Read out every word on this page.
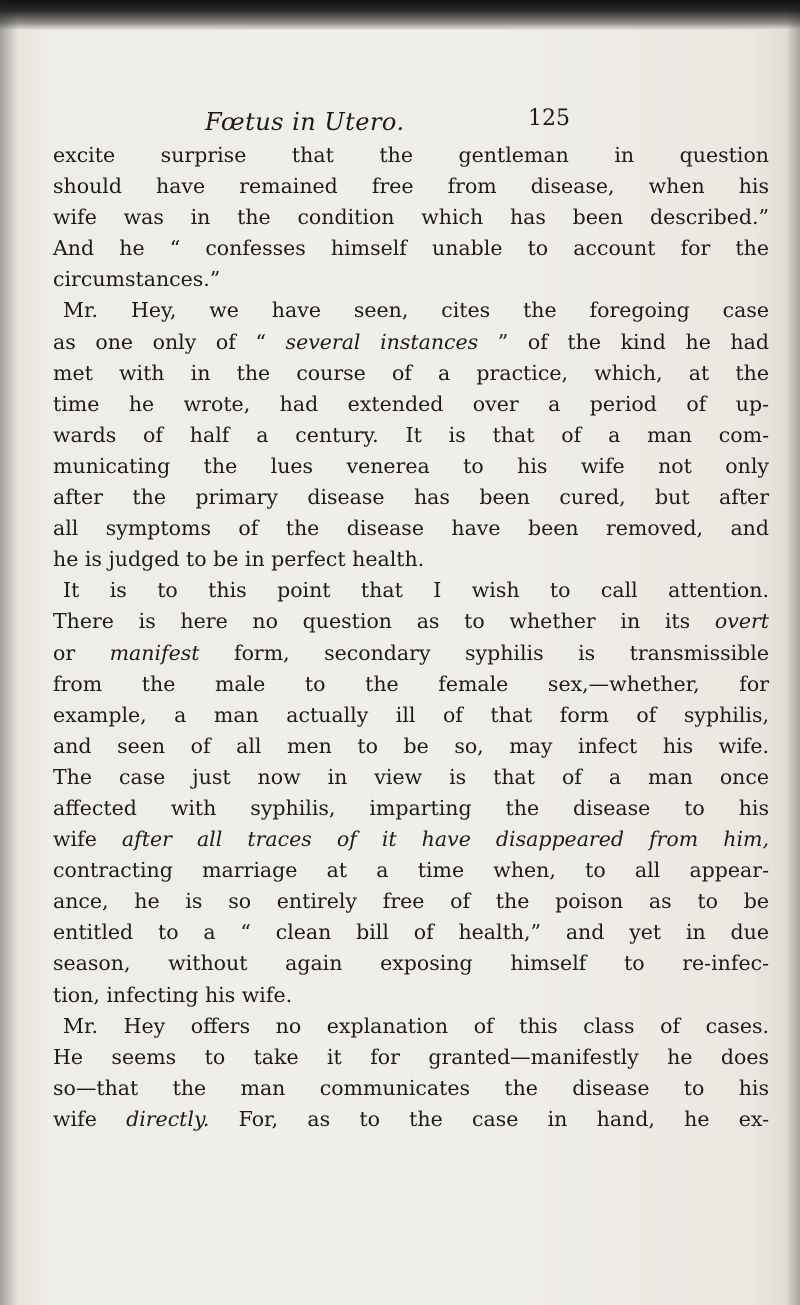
Fœtus in Utero.	125
excite surprise that the gentleman in question
should have remained free from disease, when his
wife was in the condition which has been described.”
And he “ confesses himself unable to account for the
circumstances.”
Mr. Hey, we have seen, cites the foregoing case
as one only of “ several instances ” of the kind he had
met with in the course of a practice, which, at the
time he wrote, had extended over a period of up-
wards of half a century. It is that of a man com-
municating the lues venerea to his wife not only
after the primary disease has been cured, but after
all symptoms of the disease have been removed, and
he is judged to be in perfect health.
It is to this point that I wish to call attention.
There is here no question as to whether in its overt
or manifest form, secondary syphilis is transmissible
from the male to the female sex,—whether, for
example, a man actually ill of that form of syphilis,
and seen of all men to be so, may infect his wife.
The case just now in view is that of a man once
affected with syphilis, imparting the disease to his
wife after all traces of it have disappeared from him,
contracting marriage at a time when, to all appear-
ance, he is so entirely free of the poison as to be
entitled to a “ clean bill of health,” and yet in due
season, without again exposing himself to re-infec-
tion, infecting his wife.
Mr. Hey offers no explanation of this class of cases.
He seems to take it for granted—manifestly he does
so—that the man communicates the disease to his
wife directly. For, as to the case in hand, he ex-
